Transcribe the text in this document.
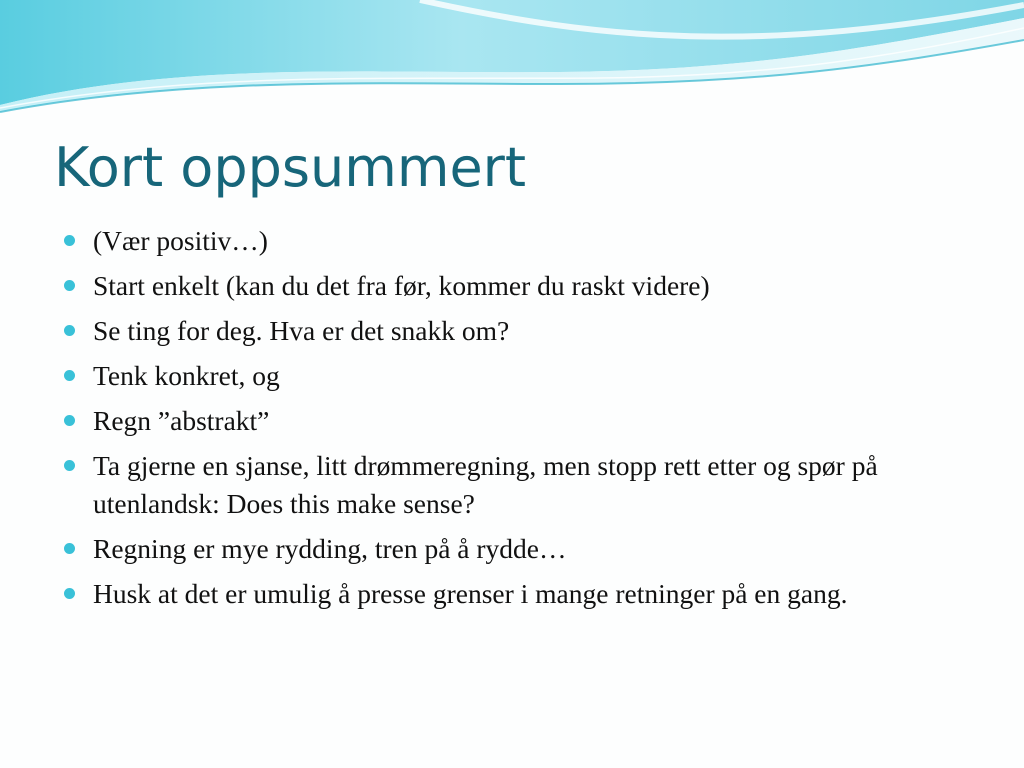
Kort oppsummert
(Vær positiv…)
Start enkelt (kan du det fra før, kommer du raskt videre)
Se ting for deg. Hva er det snakk om?
Tenk konkret, og
Regn ”abstrakt”
Ta gjerne en sjanse, litt drømmeregning, men stopp rett etter og spør på utenlandsk: Does this make sense?
Regning er mye rydding, tren på å rydde…
Husk at det er umulig å presse grenser i mange retninger på en gang.
